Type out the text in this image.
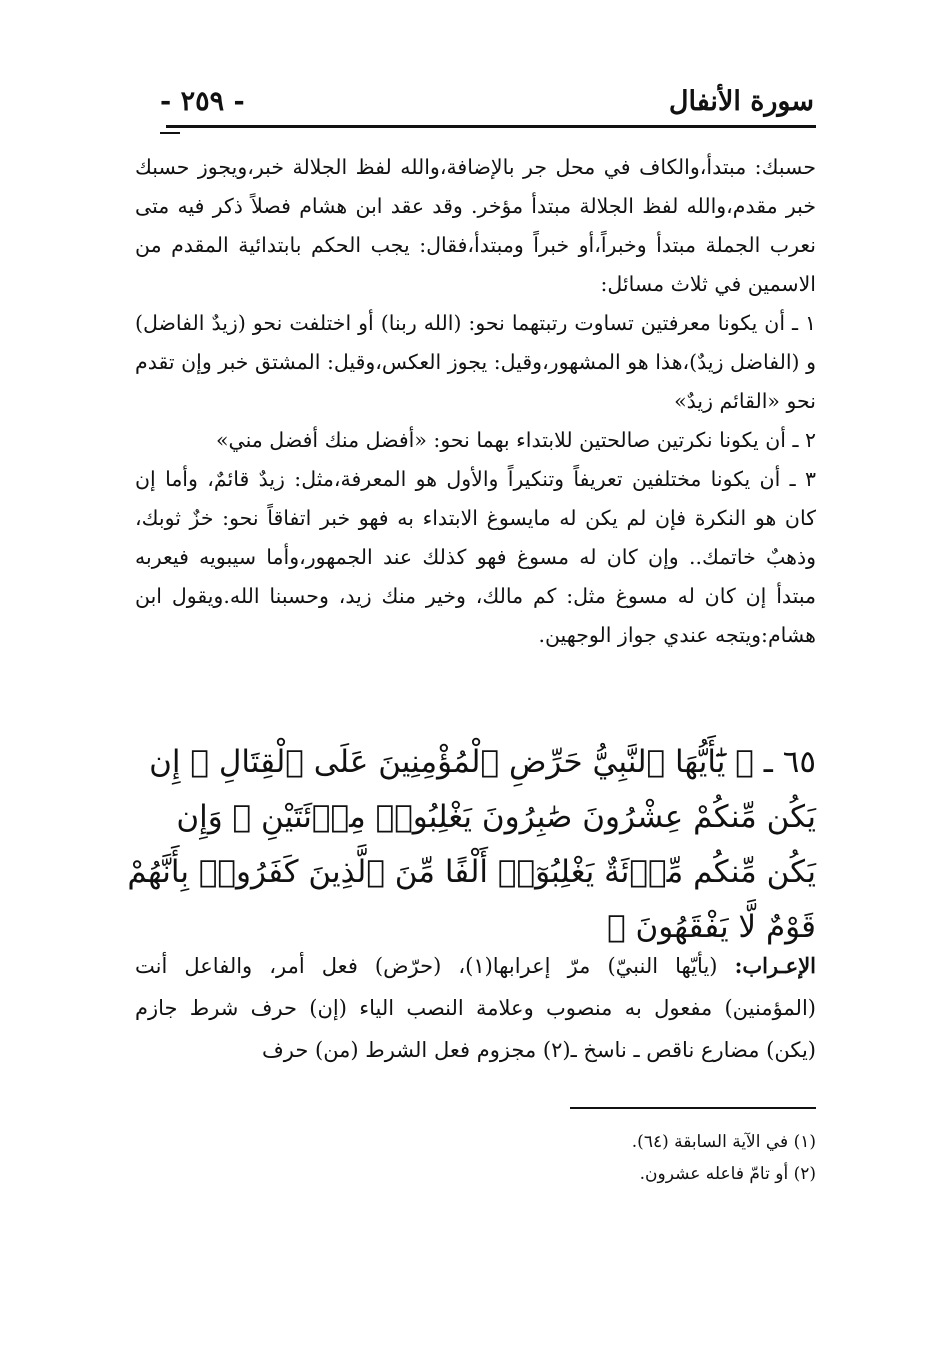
سورة الأنفال
- ٢٥٩ -

حسبك: مبتدأ،والكاف في محل جر بالإضافة،والله لفظ الجلالة خبر،ويجوز حسبك خبر مقدم،والله لفظ الجلالة مبتدأ مؤخر. وقد عقد ابن هشام فصلاً ذكر فيه متى نعرب الجملة مبتدأ وخبراً،أو خبراً ومبتدأ،فقال: يجب الحكم بابتدائية المقدم من الاسمين في ثلاث مسائل:

١ ـ أن يكونا معرفتين تساوت رتبتهما نحو: (الله ربنا) أو اختلفت نحو (زيدٌ الفاضل) و (الفاضل زيدٌ)،هذا هو المشهور،وقيل: يجوز العكس،وقيل: المشتق خبر وإن تقدم نحو «القائم زيدٌ»

٢ ـ أن يكونا نكرتين صالحتين للابتداء بهما نحو: «أفضل منك أفضل مني»

٣ ـ أن يكونا مختلفين تعريفاً وتنكيراً والأول هو المعرفة،مثل: زيدٌ قائمٌ، وأما إن كان هو النكرة فإن لم يكن له مايسوغ الابتداء به فهو خبر اتفاقاً نحو: خزٌ ثوبك، وذهبٌ خاتمك.. وإن كان له مسوغ فهو كذلك عند الجمهور،وأما سيبويه فيعربه مبتدأ إن كان له مسوغ مثل: كم مالك، وخير منك زيد، وحسبنا الله.ويقول ابن هشام:ويتجه عندي جواز الوجهين.

٦٥ ـ ﴿ يَٰٓأَيُّهَا ٱلنَّبِيُّ حَرِّضِ ٱلْمُؤْمِنِينَ عَلَى ٱلْقِتَالِ ۚ إِن يَكُن مِّنكُمْ عِشْرُونَ صَٰبِرُونَ يَغْلِبُوا۟ مِا۟ئَتَيْنِ ۚ وَإِن يَكُن مِّنكُم مِّا۟ئَةٌ يَغْلِبُوٓا۟ أَلْفًا مِّنَ ٱلَّذِينَ كَفَرُوا۟ بِأَنَّهُمْ قَوْمٌ لَّا يَفْقَهُونَ ﴾
الإعـراب: (يأيّها النبيّ) مرّ إعرابها(١)، (حرّض) فعل أمر، والفاعل أنت (المؤمنين) مفعول به منصوب وعلامة النصب الياء (إن) حرف شرط جازم (يكن) مضارع ناقص ـ ناسخ ـ(٢) مجزوم فعل الشرط (من) حرف
(١) في الآية السابقة (٦٤).
(٢) أو تامّ فاعله عشرون.
